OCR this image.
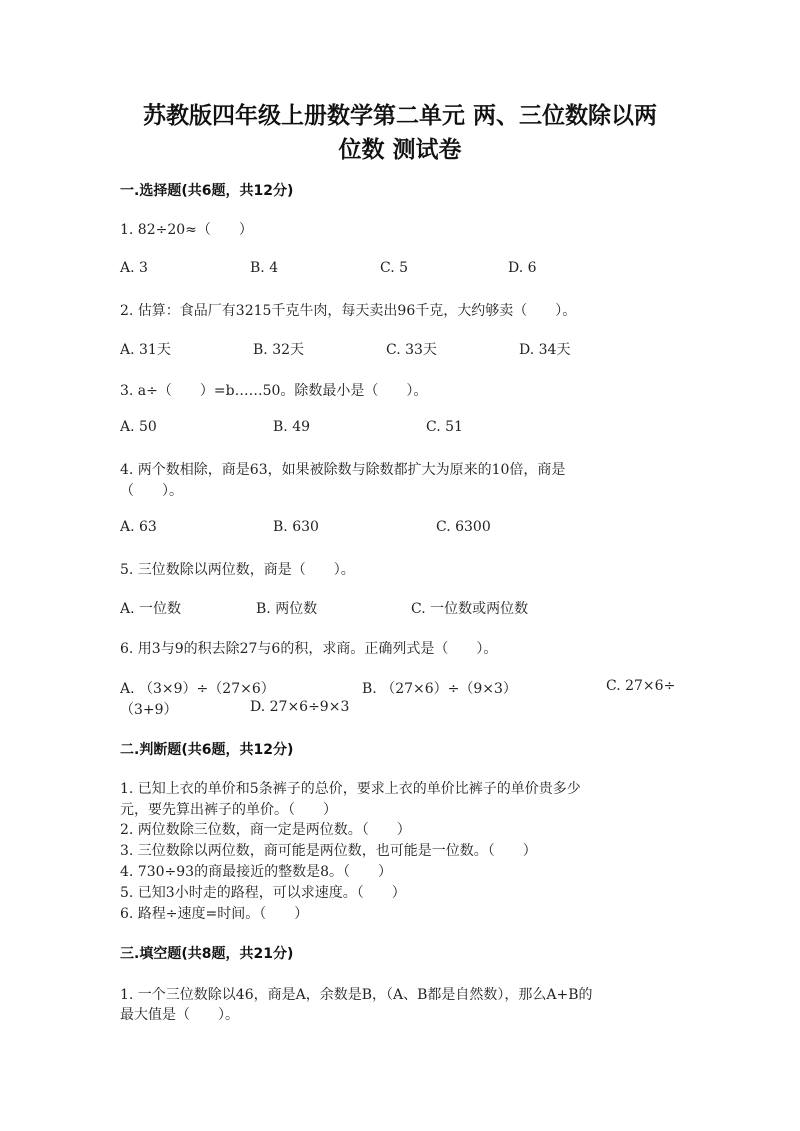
苏教版四年级上册数学第二单元 两、三位数除以两
位数 测试卷
一.选择题(共6题，共12分)
1. 82÷20≈（　　）
A. 3	B. 4	C. 5	D. 6
2. 估算：食品厂有3215千克牛肉，每天卖出96千克，大约够卖（　　）。
A. 31天	B. 32天	C. 33天	D. 34天
3. a÷（　　）=b……50。除数最小是（　　）。
A. 50	B. 49	C. 51
4. 两个数相除，商是63，如果被除数与除数都扩大为原来的10倍，商是
（　　）。
A. 63	B. 630	C. 6300
5. 三位数除以两位数，商是（　　）。
A. 一位数	B. 两位数	C. 一位数或两位数
6. 用3与9的积去除27与6的积，求商。正确列式是（　　）。
A. （3×9）÷（27×6）	B. （27×6）÷（9×3）	C. 27×6÷
（3+9）	D. 27×6÷9×3
二.判断题(共6题，共12分)
1. 已知上衣的单价和5条裤子的总价，要求上衣的单价比裤子的单价贵多少
元，要先算出裤子的单价。（　　）
2. 两位数除三位数，商一定是两位数。（　　）
3. 三位数除以两位数，商可能是两位数，也可能是一位数。（　　）
4. 730÷93的商最接近的整数是8。（　　）
5. 已知3小时走的路程，可以求速度。（　　）
6. 路程÷速度=时间。（　　）
三.填空题(共8题，共21分)
1. 一个三位数除以46，商是A，余数是B，（A、B都是自然数），那么A+B的
最大值是（　　）。
